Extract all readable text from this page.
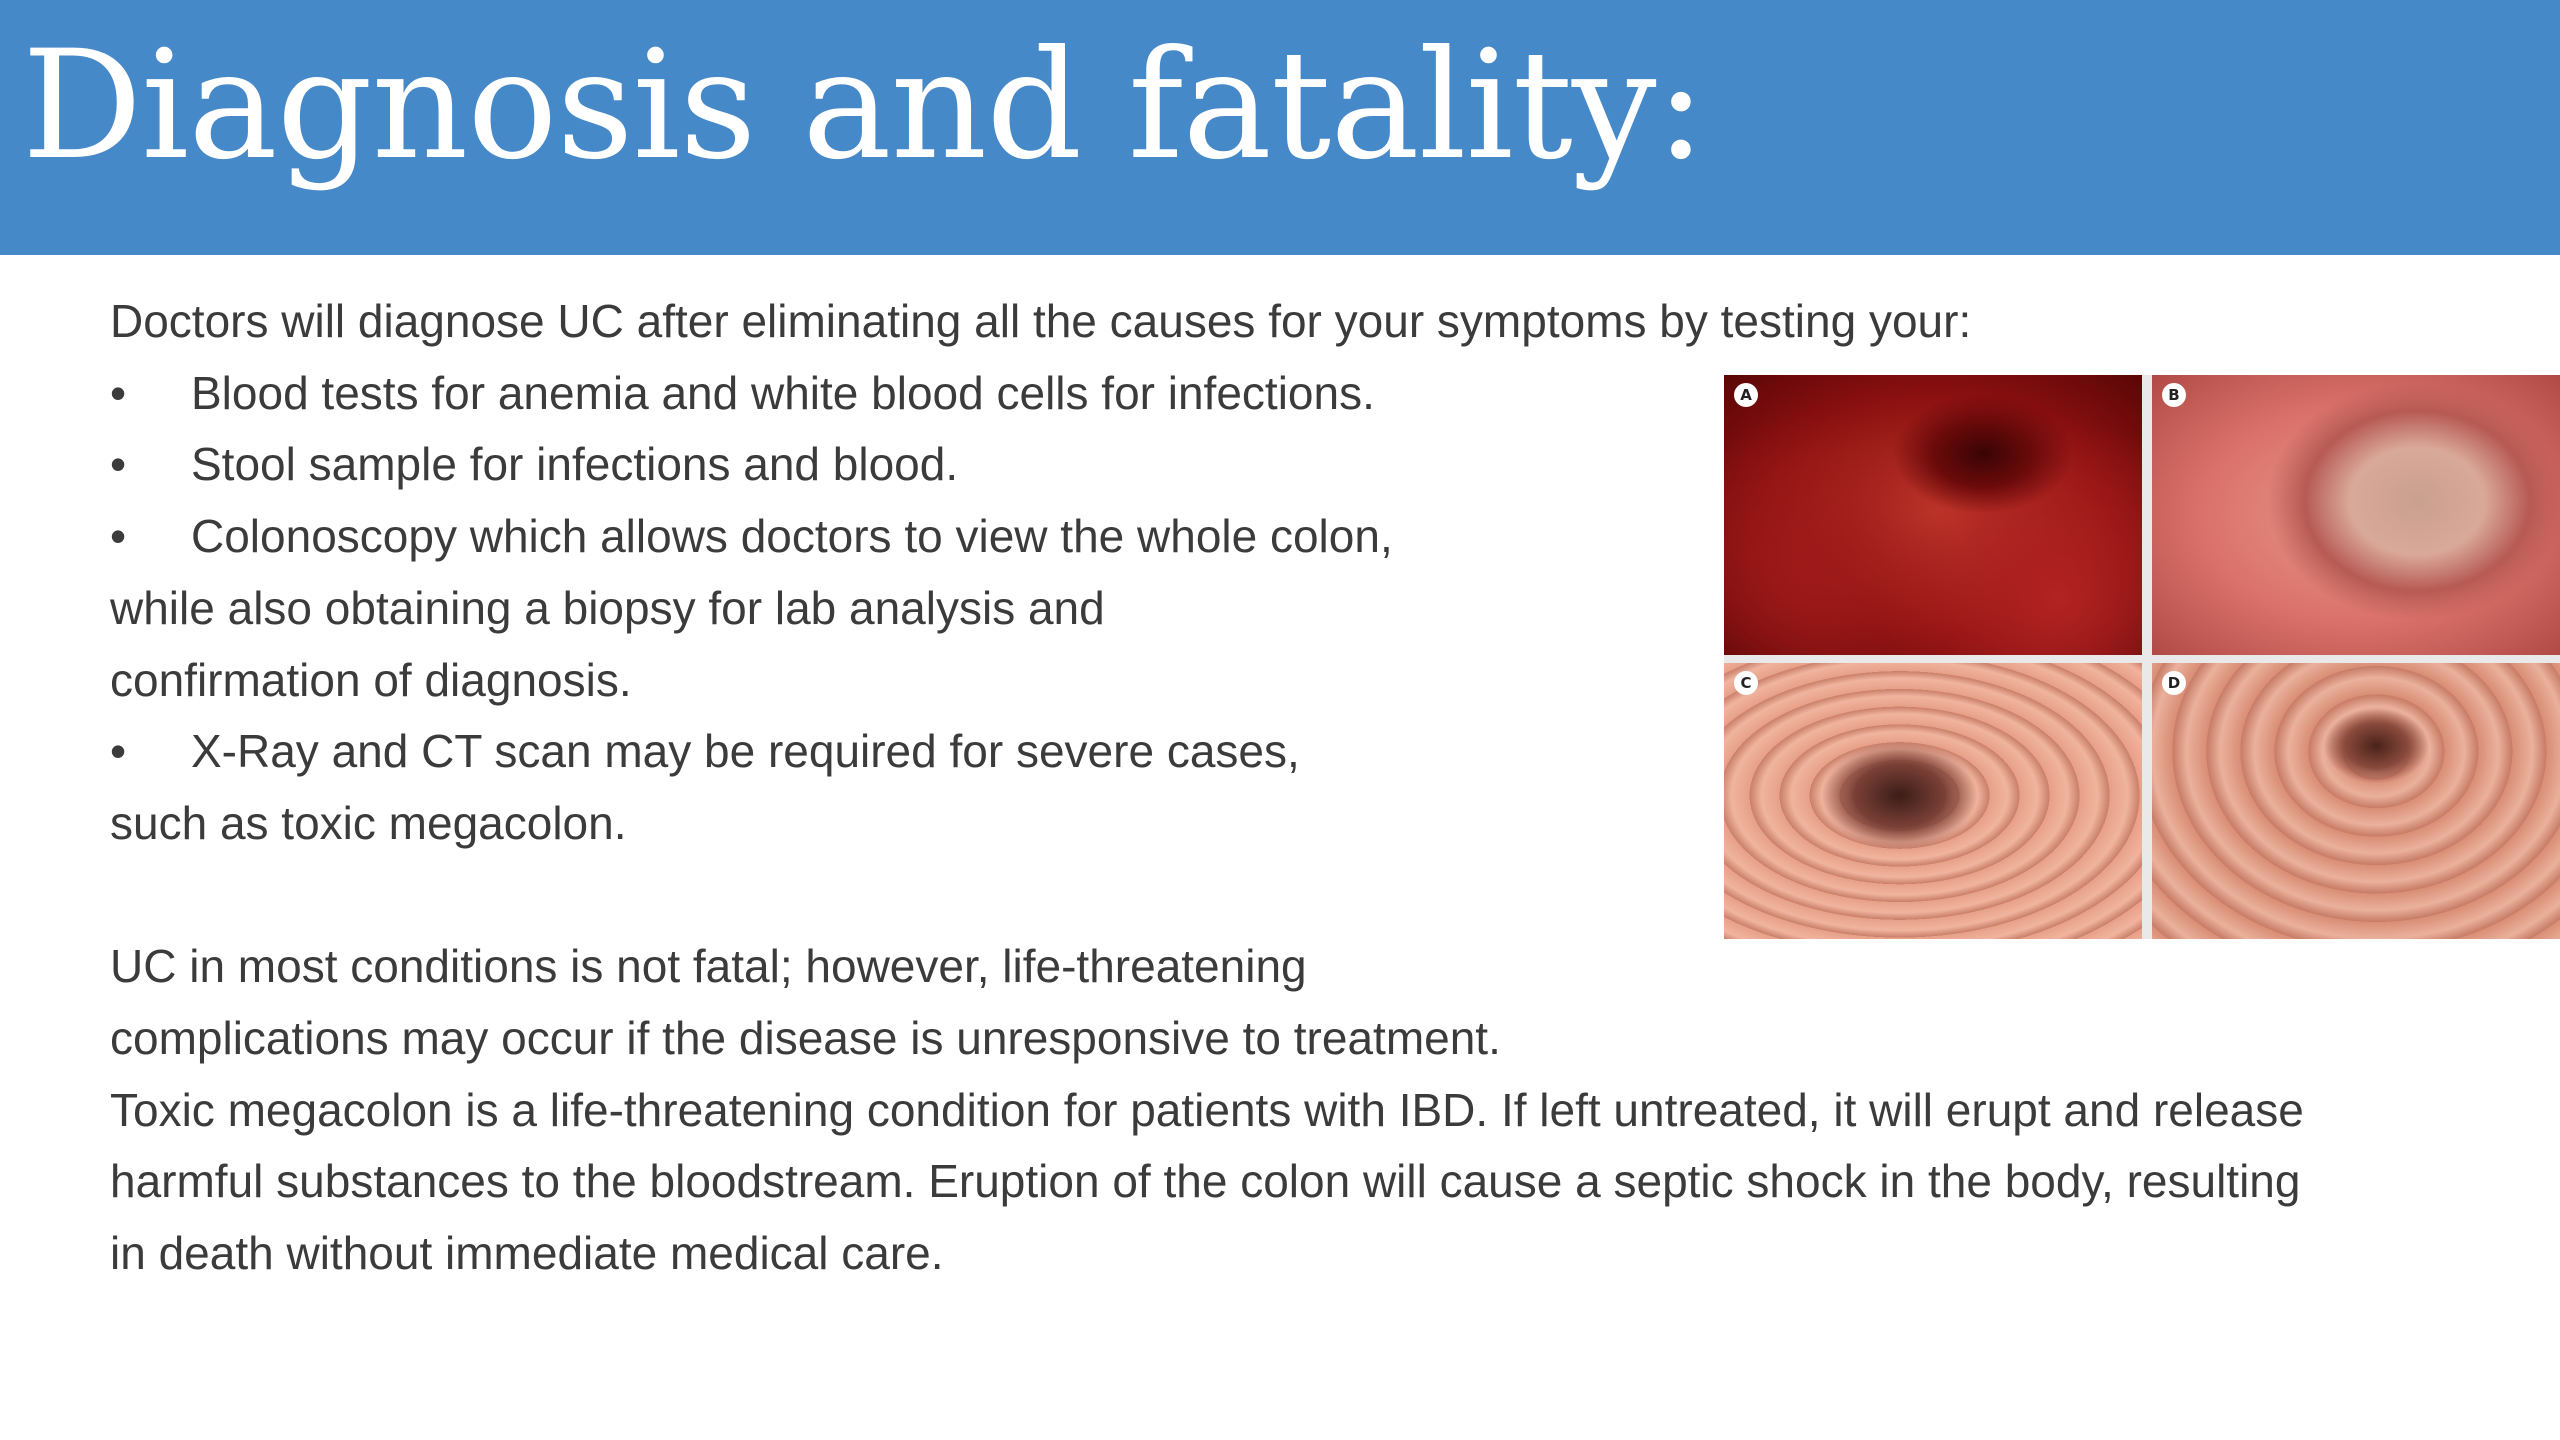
Diagnosis and fatality:
Doctors will diagnose UC after eliminating all the causes for your symptoms by testing your:
• Blood tests for anemia and white blood cells for infections.
• Stool sample for infections and blood.
• Colonoscopy which allows doctors to view the whole colon,
while also obtaining a biopsy for lab analysis and
confirmation of diagnosis.
• X-Ray and CT scan may be required for severe cases,
such as toxic megacolon.
UC in most conditions is not fatal; however, life-threatening
complications may occur if the disease is unresponsive to treatment.
Toxic megacolon is a life-threatening condition for patients with IBD. If left untreated, it will erupt and release
harmful substances to the bloodstream. Eruption of the colon will cause a septic shock in the body, resulting
in death without immediate medical care.
A	B
C	D
